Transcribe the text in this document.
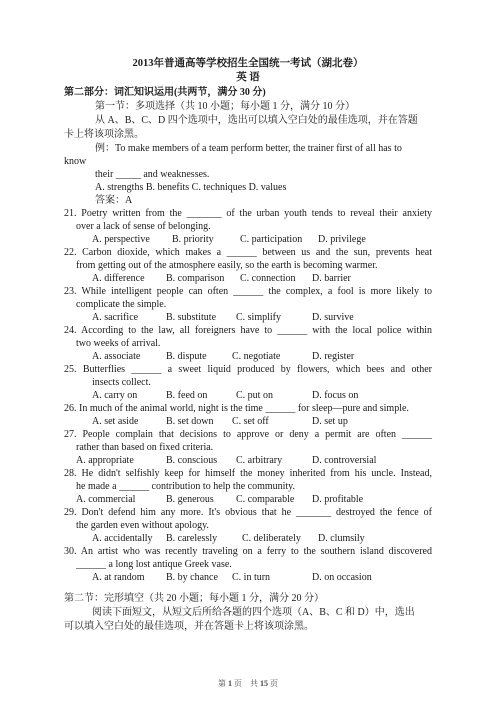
2013年普通高等学校招生全国统一考试（湖北卷）
英 语
第二部分：词汇知识运用(共两节，满分 30 分)
第一节：多项选择（共 10 小题；每小题 1 分，满分 10 分）
从 A、B、C、D 四个选项中，选出可以填入空白处的最佳选项，并在答题
卡上将该项涂黑。
例：To make members of a team perform better, the trainer first of all has to
know
their _____ and weaknesses.
A. strengths B. benefits C. techniques D. values
答案：A
21. Poetry written from the _______ of the urban youth tends to reveal their anxiety
over a lack of sense of belonging.
A. perspective B. priority	C. participation D. privilege
22. Carbon dioxide, which makes a ______ between us and the sun, prevents heat
from getting out of the atmosphere easily, so the earth is becoming warmer.
A. difference B. comparison C. connection D. barrier
23. While intelligent people can often ______ the complex, a fool is more likely to
complicate the simple.
A. sacrifice	B. substitute C. simplify	D. survive
24. According to the law, all foreigners have to ______ with the local police within
two weeks of arrival.
A. associate	B. dispute	C. negotiate	D. register
25. Butterflies ______ a sweet liquid produced by flowers, which bees and other
insects collect.
A. carry on	B. feed on	C. put on	D. focus on
26. In much of the animal world, night is the time ______ for sleep—pure and simple.
A. set aside	B. set down C. set off	D. set up
27. People complain that decisions to approve or deny a permit are often ______
rather than based on fixed criteria.
A. appropriate	B. conscious C. arbitrary	D. controversial
28. He didn't selfishly keep for himself the money inherited from his uncle. Instead,
he made a ______ contribution to help the community.
A. commercial	B. generous C. comparable D. profitable
29. Don't defend him any more. It's obvious that he _______ destroyed the fence of
the garden even without apology.
A. accidentally B. carelessly C. deliberately D. clumsily
30. An artist who was recently traveling on a ferry to the southern island discovered
______ a long lost antique Greek vase.
A. at random B. by chance C. in turn	D. on occasion
第二节：完形填空（共 20 小题；每小题 1 分，满分 20 分）
阅读下面短文，从短文后所给各题的四个选项（A、B、C 和 D）中，选出
可以填入空白处的最佳选项，并在答题卡上将该项涂黑。
第 1 页　共 15 页
